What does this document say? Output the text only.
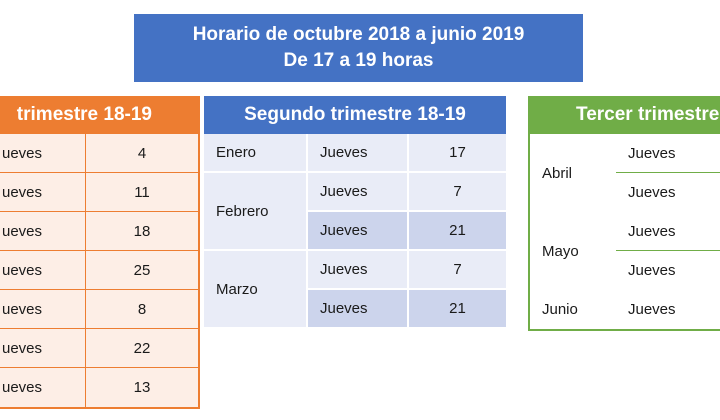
Horario de octubre 2018 a junio 2019
De 17 a 19 horas
trimestre 18-19
ueves	4
ueves	11
ueves	18
ueves	25
ueves	8
ueves	22
ueves	13
Segundo trimestre 18-19
Enero	Jueves	17
Febrero
Jueves	7
Jueves	21
Marzo
Jueves	7
Jueves	21
Tercer trimestre
Abril
Jueves
Jueves
Mayo
Jueves
Jueves
Junio	Jueves
